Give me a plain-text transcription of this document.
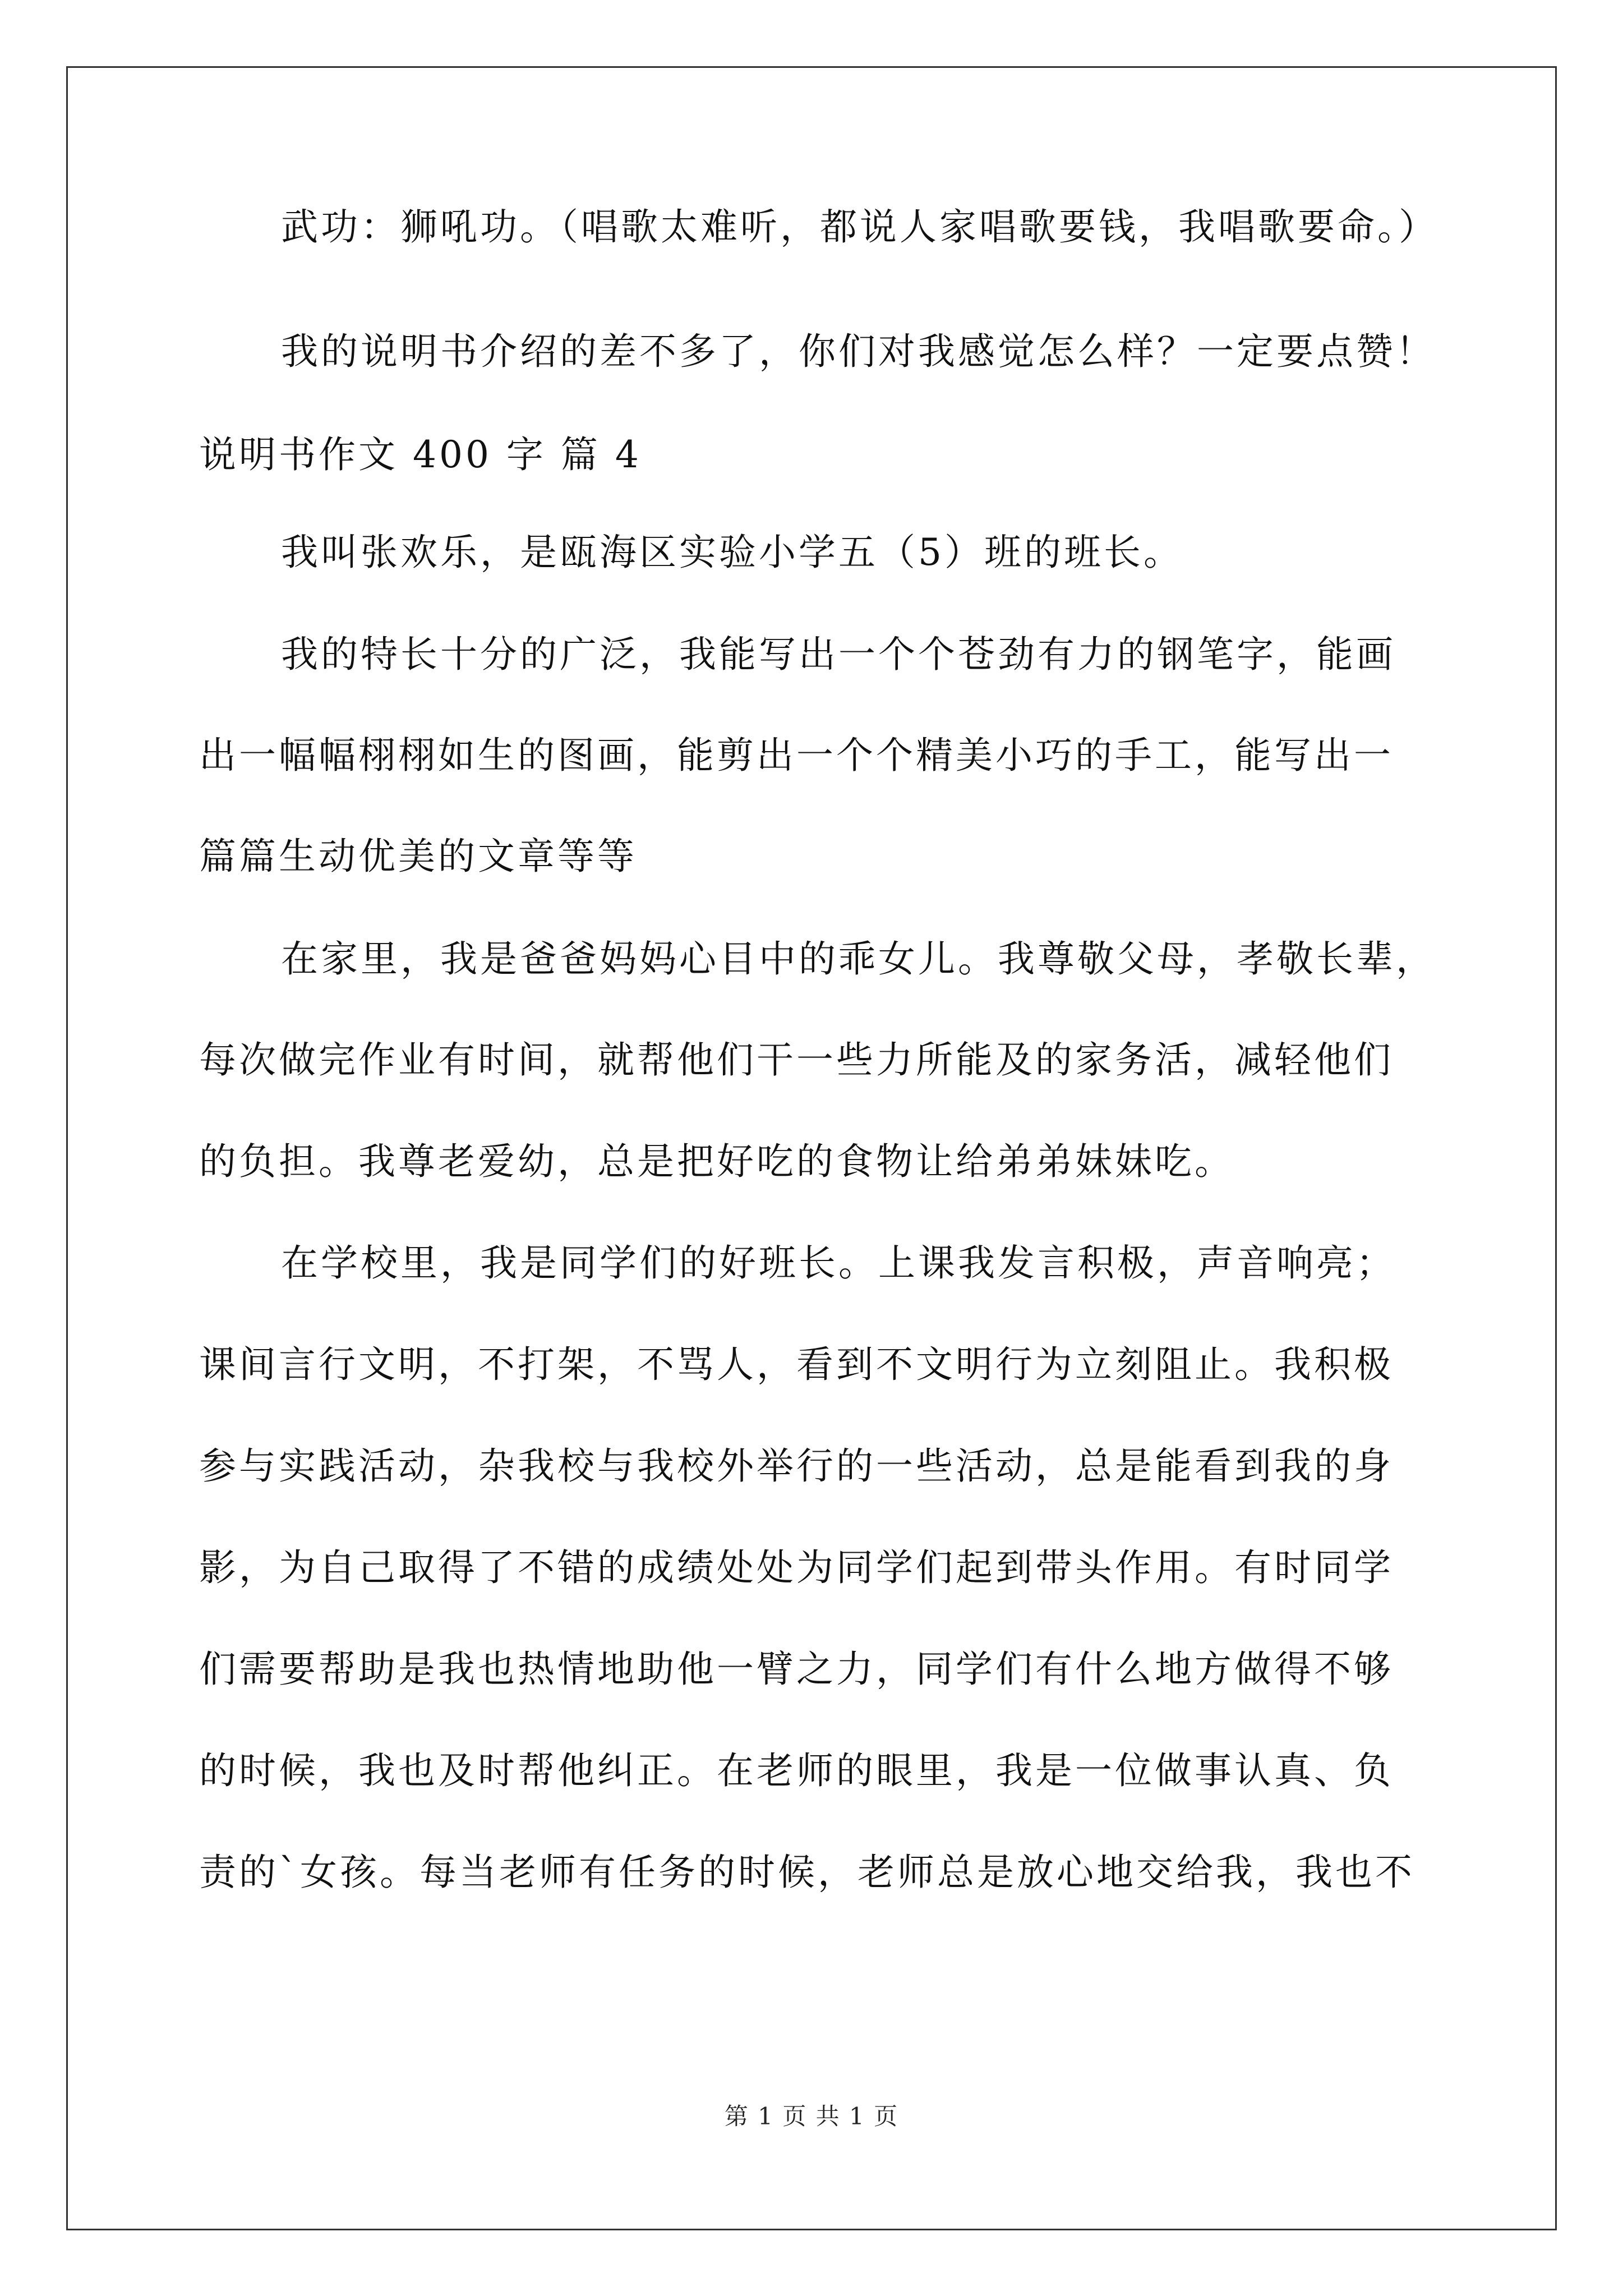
武功：狮吼功。（唱歌太难听，都说人家唱歌要钱，我唱歌要命。）
我的说明书介绍的差不多了，你们对我感觉怎么样？一定要点赞！
说明书作文 400 字 篇 4
我叫张欢乐，是瓯海区实验小学五（5）班的班长。
我的特长十分的广泛，我能写出一个个苍劲有力的钢笔字，能画
出一幅幅栩栩如生的图画，能剪出一个个精美小巧的手工，能写出一
篇篇生动优美的文章等等
在家里，我是爸爸妈妈心目中的乖女儿。我尊敬父母，孝敬长辈，
每次做完作业有时间，就帮他们干一些力所能及的家务活，减轻他们
的负担。我尊老爱幼，总是把好吃的食物让给弟弟妹妹吃。
在学校里，我是同学们的好班长。上课我发言积极，声音响亮；
课间言行文明，不打架，不骂人，看到不文明行为立刻阻止。我积极
参与实践活动，杂我校与我校外举行的一些活动，总是能看到我的身
影，为自己取得了不错的成绩处处为同学们起到带头作用。有时同学
们需要帮助是我也热情地助他一臂之力，同学们有什么地方做得不够
的时候，我也及时帮他纠正。在老师的眼里，我是一位做事认真、负
责的`女孩。每当老师有任务的时候，老师总是放心地交给我，我也不
第 1 页 共 1 页
